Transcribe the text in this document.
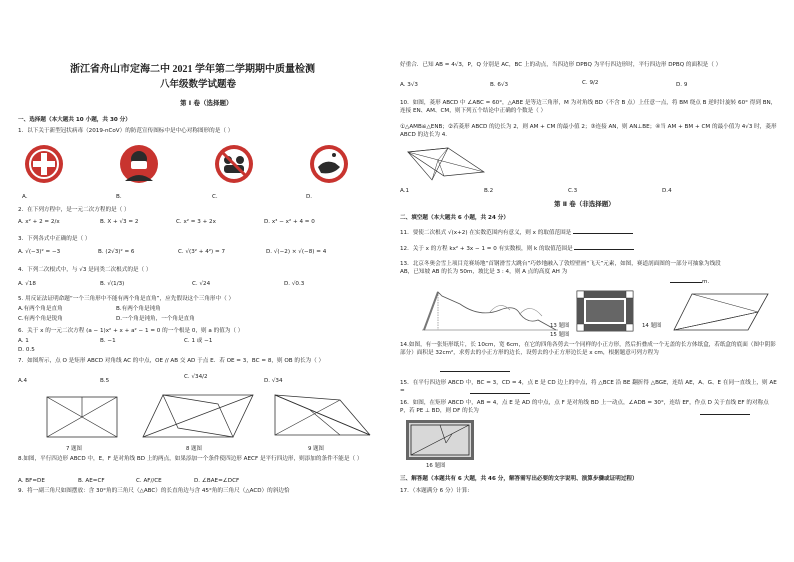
浙江省舟山市定海二中 2021 学年第二学期期中质量检测
八年级数学试题卷
第 Ⅰ 卷（选择题）
一、选择题（本大题共 10 小题，共 30 分）
1．以下关于新型冠状病毒（2019-nCoV）的防范宣传图标中是中心对称图形的是（ ）
A．	B．	C．	D．
2．在下列方程中，是一元二次方程的是（ ）
A. x² + 2 = 2/x	B. X + √3 = 2	C. x² = 3 + 2x	D. x³ − x² + 4 = 0
3．下列各式中正确的是（ ）
A. √(−3)² = −3	B. (2√3)² = 6	C. √(3² + 4²) = 7	D. √(−2) × √(−8) = 4
4．下列二次根式中，与 √3 是同类二次根式的是（ ）
A. √18	B. √(1/3)	C. √24	D. √0.3
5. 用反证法证明命题“一个三角形中不能有两个角是直角”，应先假设这个三角形中（ ）
A.有两个角是直角	B.有两个角是钝角
C.有两个角是锐角	D.一个角是钝角，一个角是直角
6．关于 x 的一元二次方程 (a − 1)x² + x + a² − 1 = 0 的一个根是 0，则 a 的值为（ ）
A. 1	B. −1	C. 1 或 −1
D. 0.5
7．如图所示，点 O 是矩形 ABCD 对角线 AC 的中点，OE // AB 交 AD 于点 E．若 OE = 3，BC = 8，则 OB 的长为（ ）
A.4	B.5
C. √34/2
D. √34
7 题图	8 题图	9 题图
8.如图，平行四边形 ABCD 中，E，F 是对角线 BD 上的两点，如果添加一个条件使四边形 AECF 是平行四边形，则添加的条件不能是（ ）
A. BF=DE	B. AE=CF	C. AF//CE	D. ∠BAE=∠DCF
9．将一副三角尺如图摆放：含 30°角的三角尺（△ABC）的长直角边与含 45°角的三角尺（△ACD）的斜边恰
好重合．已知 AB = 4√3，P，Q 分别是 AC，BC 上的动点，当四边形 DPBQ 为平行四边形时，平行四边形 DPBQ 的面积是（ ）
A. 3√3	B. 6√3	C. 9/2	D. 9
10．如图，菱形 ABCD 中 ∠ABC = 60°，△ABE 是等边三角形，M 为对角线 BD（不含 B 点）上任意一点，将 BM 绕点 B 逆时针旋转 60° 得到 BN，连接 EN、AM、CM，则下列五个结论中正确的个数是（ ）
①△AMB≌△ENB；②若菱形 ABCD 的边长为 2，则 AM + CM 的最小值 2；③连接 AN，则 AN⊥BE；④当 AM + BM + CM 的最小值为 4√3 时，菱形 ABCD 的边长为 4．
A.1	B.2	C.3	D.4
第 Ⅱ 卷（非选择题）
二、填空题（本大题共 6 小题，共 24 分）
11．要使二次根式 √(x+2) 在实数范围内有意义，则 x 的取值范围是
12．关于 x 的方程 kx² + 3x − 1 = 0 有实数根，则 k 的取值范围是
13．北京冬奥会雪上项目竞赛场地“首钢滑雪大跳台”巧妙地融入了敦煌壁画“飞天”元素，如图，赛道剖面图的一部分可抽象为线段 AB，已知坡 AB 的长为 50m，坡比是 3 : 4，则 A 点的高度 AH 为
m．
13 题图
15 题图
14 题图
14.如图，有一张矩形纸片，长 10cm，宽 6cm，在它的四角各剪去一个同样的小正方形，然后折叠成一个无盖的长方体纸盒，若纸盒的底面（图中阴影部分）面积是 32cm²，求剪去的小正方形的边长，设剪去的小正方形边长是 x cm，根据题意可列方程为
15．在平行四边形 ABCD 中，BC = 3，CD = 4，点 E 是 CD 边上的中点，将 △BCE 沿 BE 翻折得 △BGE，连结 AE，A、G、E 在同一直线上，则 AE =
16．如图，在矩形 ABCD 中，AB = 4，点 E 是 AD 的中点，点 F 是对角线 BD 上一动点，∠ADB = 30°，连结 EF，作点 D 关于直线 EF 的对称点 P，若 PE ⊥ BD，则 DF 的长为
16 题图
三、解答题（本题共有 6 大题，共 46 分，解答需写出必要的文字说明、演算步骤或证明过程）
17．（本题满分 6 分）计算:
